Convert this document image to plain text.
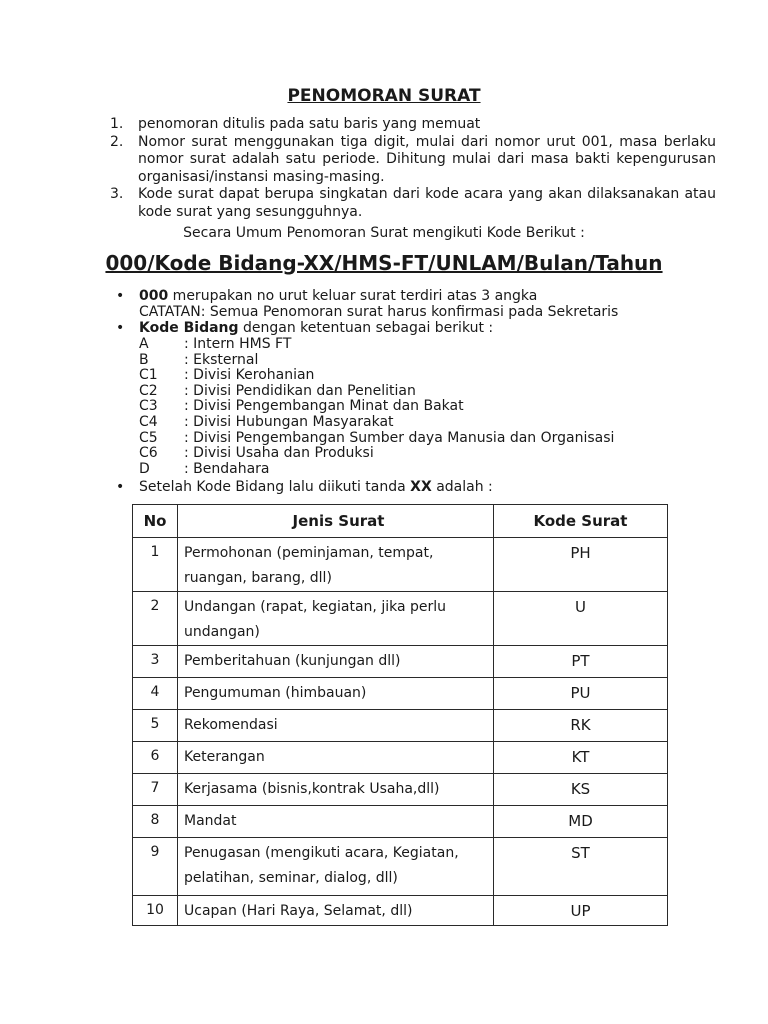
PENOMORAN SURAT
1. penomoran ditulis pada satu baris yang memuat
2. Nomor surat menggunakan tiga digit, mulai dari nomor urut 001, masa berlaku nomor surat adalah satu periode. Dihitung mulai dari masa bakti kepengurusan organisasi/instansi masing-masing.
3. Kode surat dapat berupa singkatan dari kode acara yang akan dilaksanakan atau kode surat yang sesungguhnya.
Secara Umum Penomoran Surat mengikuti Kode Berikut :
000/Kode Bidang-XX/HMS-FT/UNLAM/Bulan/Tahun
• 000 merupakan no urut keluar surat terdiri atas 3 angka
CATATAN: Semua Penomoran surat harus konfirmasi pada Sekretaris
• Kode Bidang dengan ketentuan sebagai berikut :
A	: Intern HMS FT
B	: Eksternal
C1 : Divisi Kerohanian
C2 : Divisi Pendidikan dan Penelitian
C3 : Divisi Pengembangan Minat dan Bakat
C4 : Divisi Hubungan Masyarakat
C5 : Divisi Pengembangan Sumber daya Manusia dan Organisasi
C6 : Divisi Usaha dan Produksi
D : Bendahara
• Setelah Kode Bidang lalu diikuti tanda XX adalah :
No	Jenis Surat	Kode Surat
1	Permohonan (peminjaman, tempat, ruangan, barang, dll)	PH
2	Undangan (rapat, kegiatan, jika perlu undangan)	U
3	Pemberitahuan (kunjungan dll)	PT
4	Pengumuman (himbauan)	PU
5	Rekomendasi	RK
6	Keterangan	KT
7	Kerjasama (bisnis,kontrak Usaha,dll)	KS
8	Mandat	MD
9	Penugasan (mengikuti acara, Kegiatan, pelatihan, seminar, dialog, dll)	ST
10	Ucapan (Hari Raya, Selamat, dll)	UP
